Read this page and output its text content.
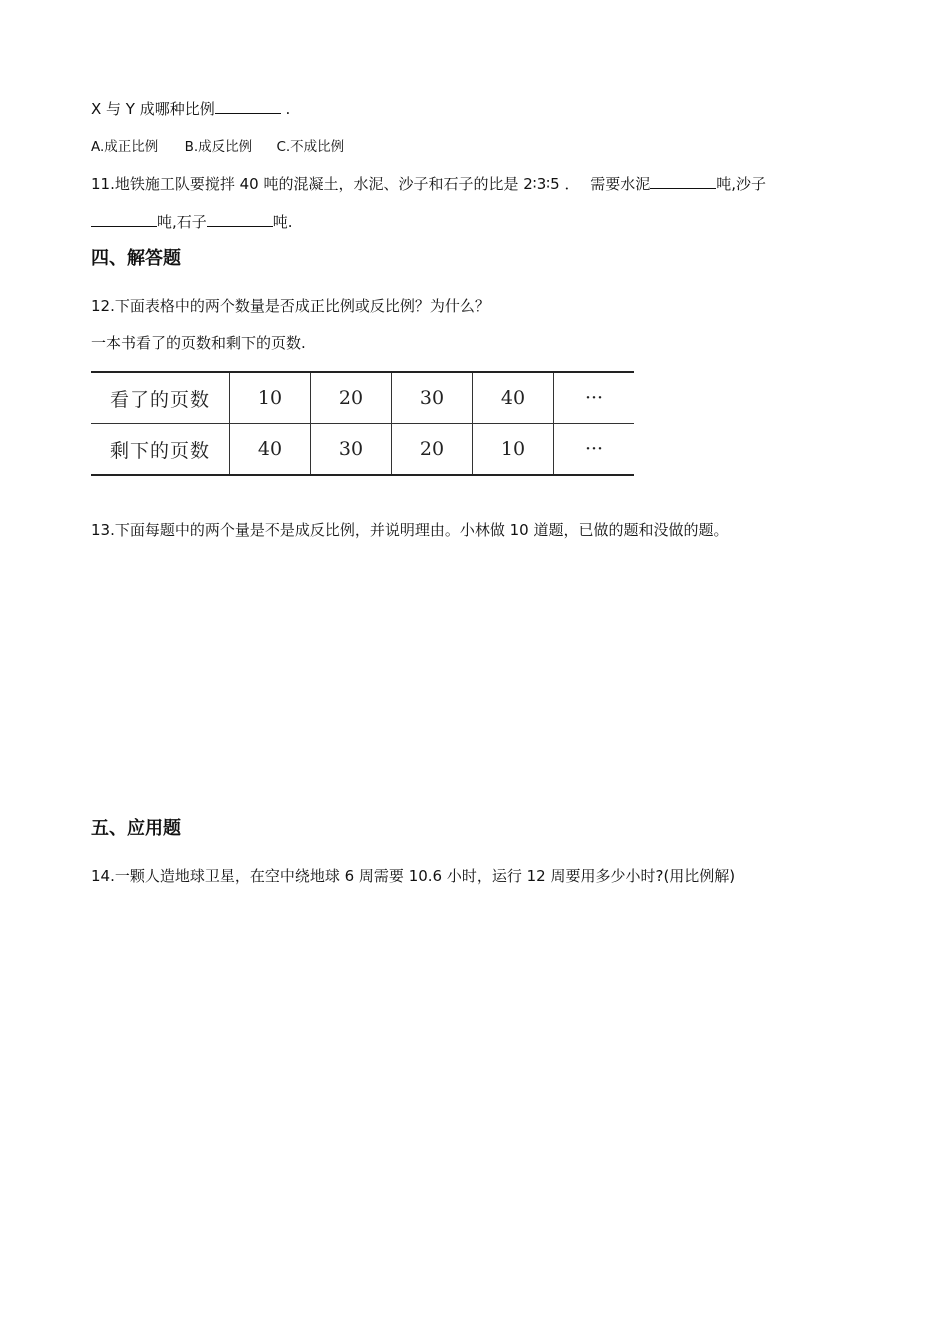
X 与 Y 成哪种比例	.
A.成正比例 B.成反比例 C.不成比例
11.地铁施工队要搅拌 40 吨的混凝土，水泥、沙子和石子的比是 2∶3∶5 ． 需要水泥	吨,沙子
吨,石子	吨.
四、解答题
12.下面表格中的两个数量是否成正比例或反比例？为什么？
一本书看了的页数和剩下的页数.
看了的页数	10	20	30	40	···
剩下的页数	40	30	20	10	···
13.下面每题中的两个量是不是成反比例，并说明理由。小林做 10 道题，已做的题和没做的题。
五、应用题
14.一颗人造地球卫星，在空中绕地球 6 周需要 10.6 小时，运行 12 周要用多少小时?(用比例解)
